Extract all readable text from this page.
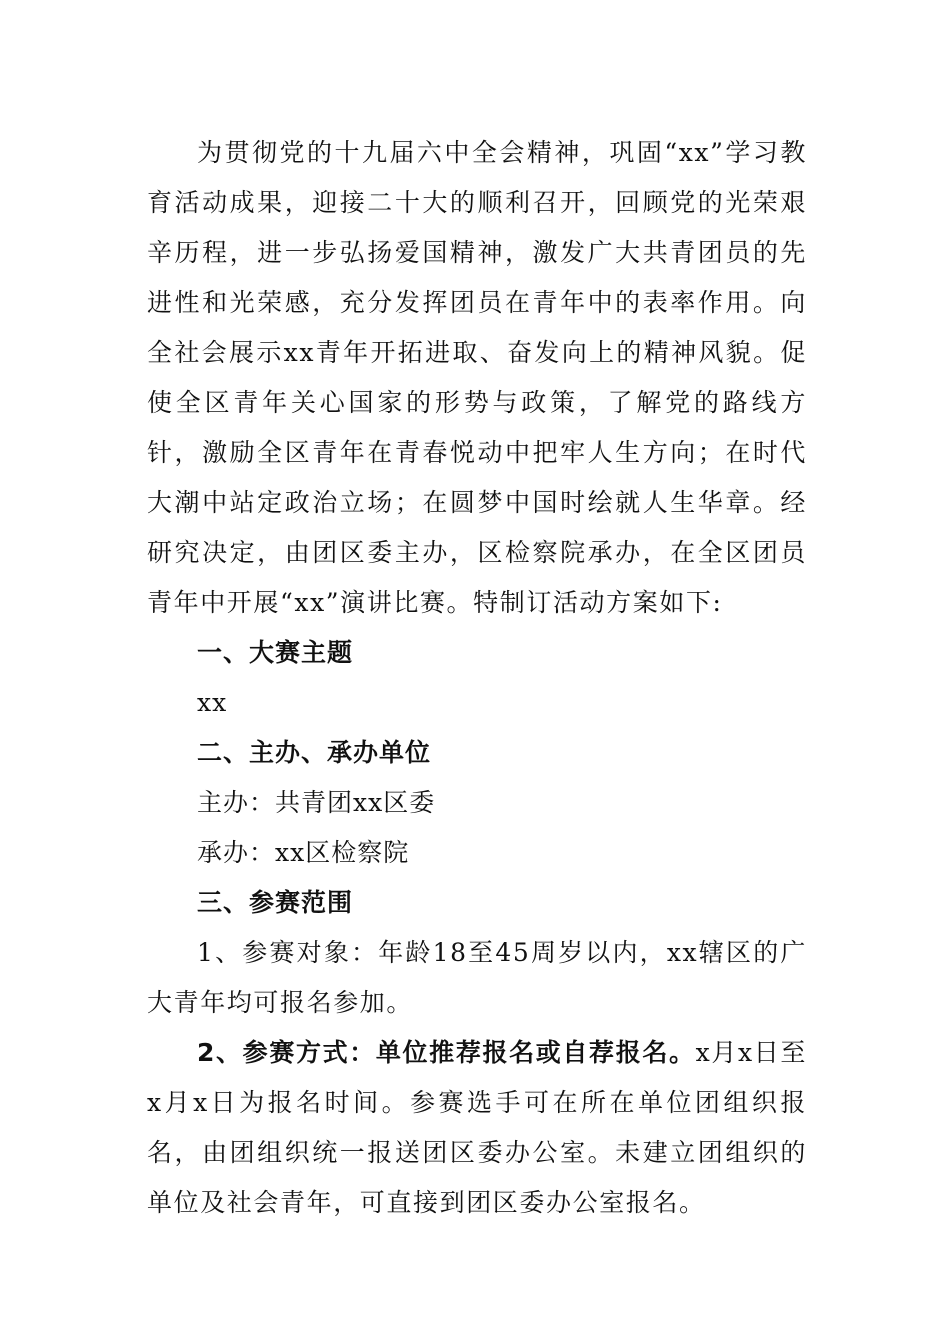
为贯彻党的十九届六中全会精神，巩固“xx”学习教育活动成果，迎接二十大的顺利召开，回顾党的光荣艰辛历程，进一步弘扬爱国精神，激发广大共青团员的先进性和光荣感，充分发挥团员在青年中的表率作用。向全社会展示xx青年开拓进取、奋发向上的精神风貌。促使全区青年关心国家的形势与政策，了解党的路线方针，激励全区青年在青春悦动中把牢人生方向；在时代大潮中站定政治立场；在圆梦中国时绘就人生华章。经研究决定，由团区委主办，区检察院承办，在全区团员青年中开展“xx”演讲比赛。特制订活动方案如下:

一、大赛主题

xx

二、主办、承办单位

主办：共青团xx区委

承办：xx区检察院

三、参赛范围

1、参赛对象：年龄18至45周岁以内，xx辖区的广大青年均可报名参加。

2、参赛方式：单位推荐报名或自荐报名。x月x日至x月x日为报名时间。参赛选手可在所在单位团组织报名，由团组织统一报送团区委办公室。未建立团组织的单位及社会青年，可直接到团区委办公室报名。
